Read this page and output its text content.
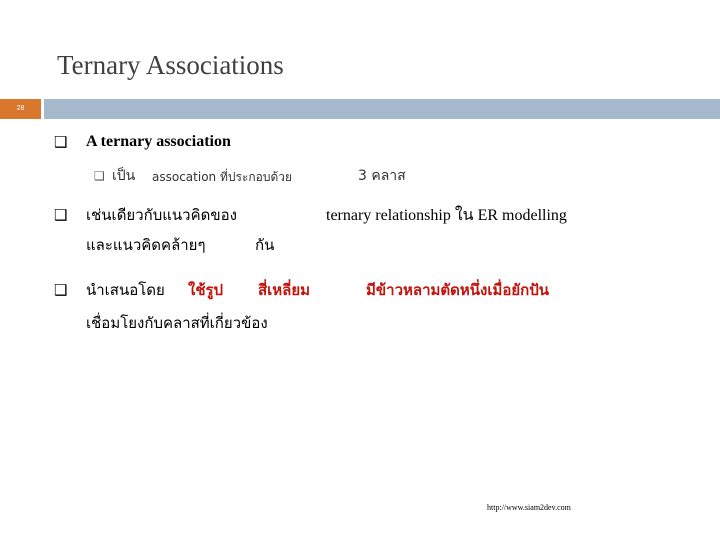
Ternary Associations
28
❑ A ternary association
❑ เป็น assocation ที่ประกอบด้วย	3 คลาส
❑ เช่นเดียวกับแนวคิดของ	ternary relationship ใน ER modelling
และแนวคิดคล้ายๆ	กัน
❑ นำเสนอโดย ใช้รูป สี่เหลี่ยม	มีข้าวหลามตัดหนึ่งเมื่อยักปัน
เชื่อมโยงกับคลาสที่เกี่ยวข้อง
http://www.siam2dev.com
